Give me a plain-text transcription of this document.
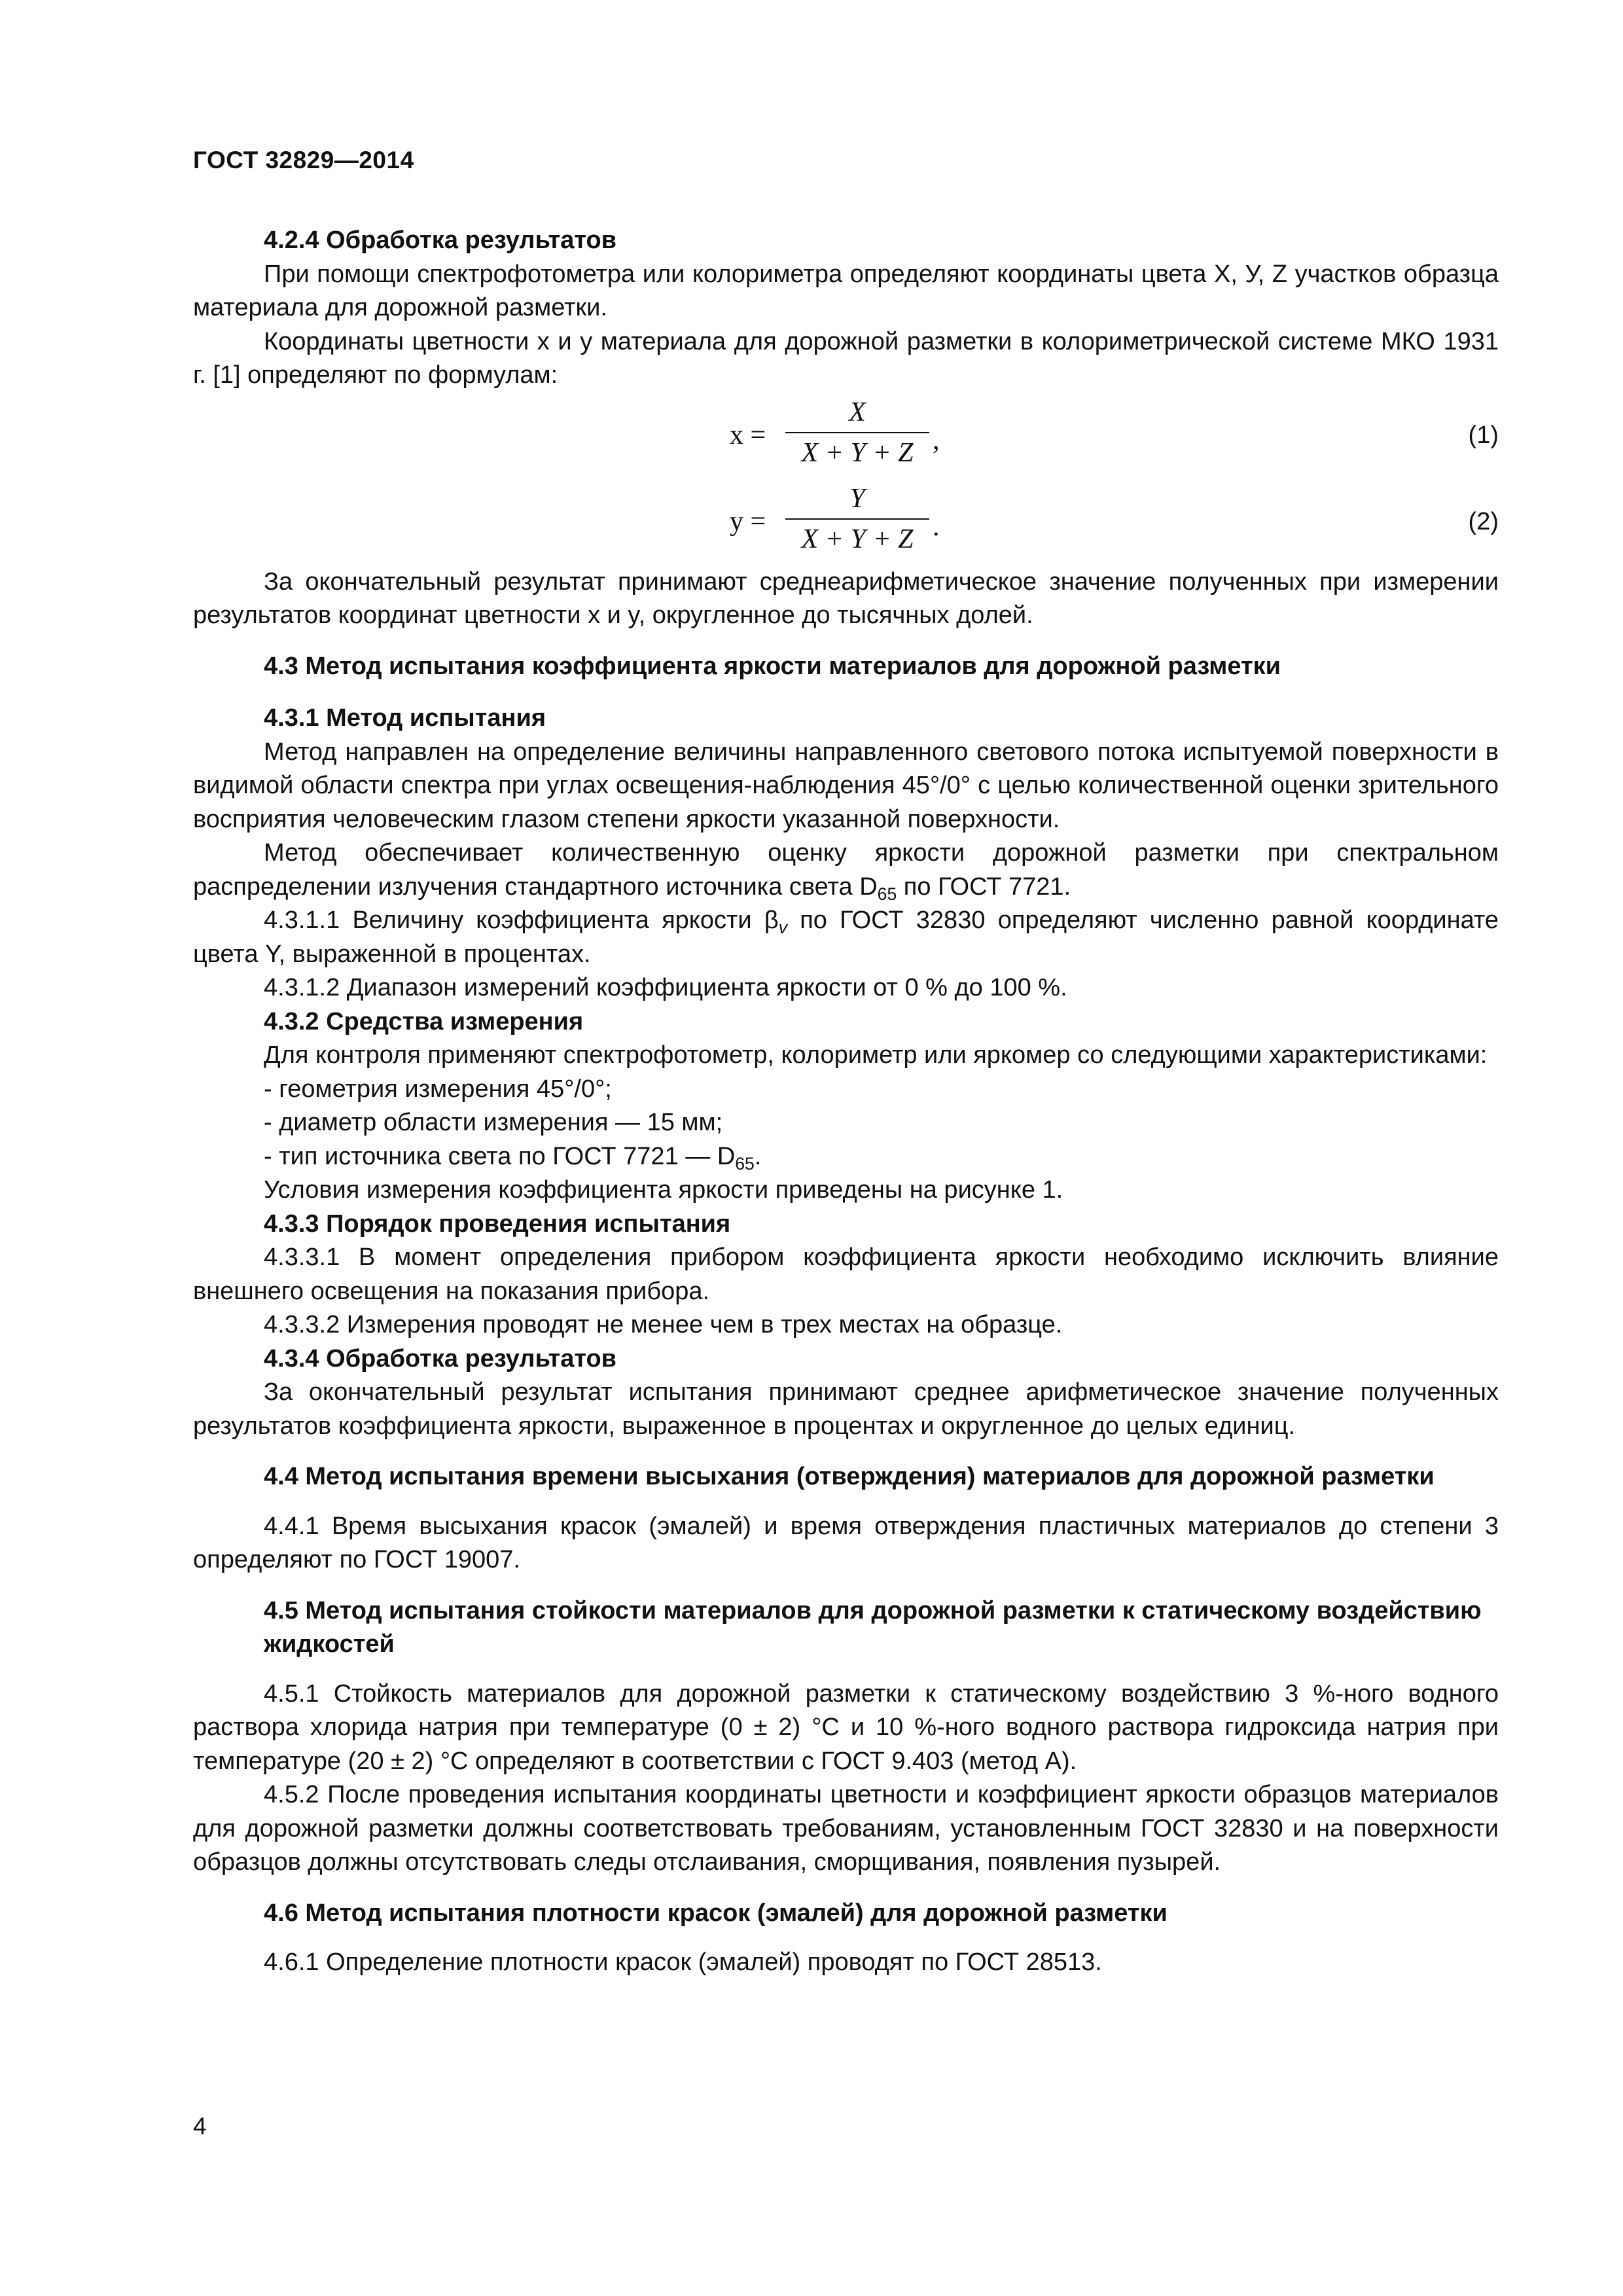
ГОСТ 32829—2014

4.2.4 Обработка результатов

При помощи спектрофотометра или колориметра определяют координаты цвета X, У, Z участков образца материала для дорожной разметки.

Координаты цветности x и y материала для дорожной разметки в колориметрической системе МКО 1931 г. [1] определяют по формулам:

$x = \frac{X}{X + Y + Z}$ ,	(1)
$y = \frac{Y}{X + Y + Z}$ .	(2)

За окончательный результат принимают среднеарифметическое значение полученных при измерении результатов координат цветности x и y, округленное до тысячных долей.

4.3 Метод испытания коэффициента яркости материалов для дорожной разметки

4.3.1 Метод испытания

Метод направлен на определение величины направленного светового потока испытуемой поверхности в видимой области спектра при углах освещения-наблюдения 45°/0° с целью количественной оценки зрительного восприятия человеческим глазом степени яркости указанной поверхности.

Метод обеспечивает количественную оценку яркости дорожной разметки при спектральном распределении излучения стандартного источника света $D_{65}$ по ГОСТ 7721.

4.3.1.1 Величину коэффициента яркости $\beta_v$ по ГОСТ 32830 определяют численно равной координате цвета Y, выраженной в процентах.

4.3.1.2 Диапазон измерений коэффициента яркости от 0 % до 100 %.

4.3.2 Средства измерения

Для контроля применяют спектрофотометр, колориметр или яркомер со следующими характеристиками:

- геометрия измерения 45°/0°;

- диаметр области измерения — 15 мм;

- тип источника света по ГОСТ 7721 — $D_{65}$.

Условия измерения коэффициента яркости приведены на рисунке 1.

4.3.3 Порядок проведения испытания

4.3.3.1 В момент определения прибором коэффициента яркости необходимо исключить влияние внешнего освещения на показания прибора.

4.3.3.2 Измерения проводят не менее чем в трех местах на образце.

4.3.4 Обработка результатов

За окончательный результат испытания принимают среднее арифметическое значение полученных результатов коэффициента яркости, выраженное в процентах и округленное до целых единиц.

4.4 Метод испытания времени высыхания (отверждения) материалов для дорожной разметки

4.4.1 Время высыхания красок (эмалей) и время отверждения пластичных материалов до степени 3 определяют по ГОСТ 19007.

4.5 Метод испытания стойкости материалов для дорожной разметки к статическому воздействию жидкостей

4.5.1 Стойкость материалов для дорожной разметки к статическому воздействию 3 %-ного водного раствора хлорида натрия при температуре (0 ± 2) °С и 10 %-ного водного раствора гидроксида натрия при температуре (20 ± 2) °С определяют в соответствии с ГОСТ 9.403 (метод А).

4.5.2 После проведения испытания координаты цветности и коэффициент яркости образцов материалов для дорожной разметки должны соответствовать требованиям, установленным ГОСТ 32830 и на поверхности образцов должны отсутствовать следы отслаивания, сморщивания, появления пузырей.

4.6 Метод испытания плотности красок (эмалей) для дорожной разметки

4.6.1 Определение плотности красок (эмалей) проводят по ГОСТ 28513.

4
